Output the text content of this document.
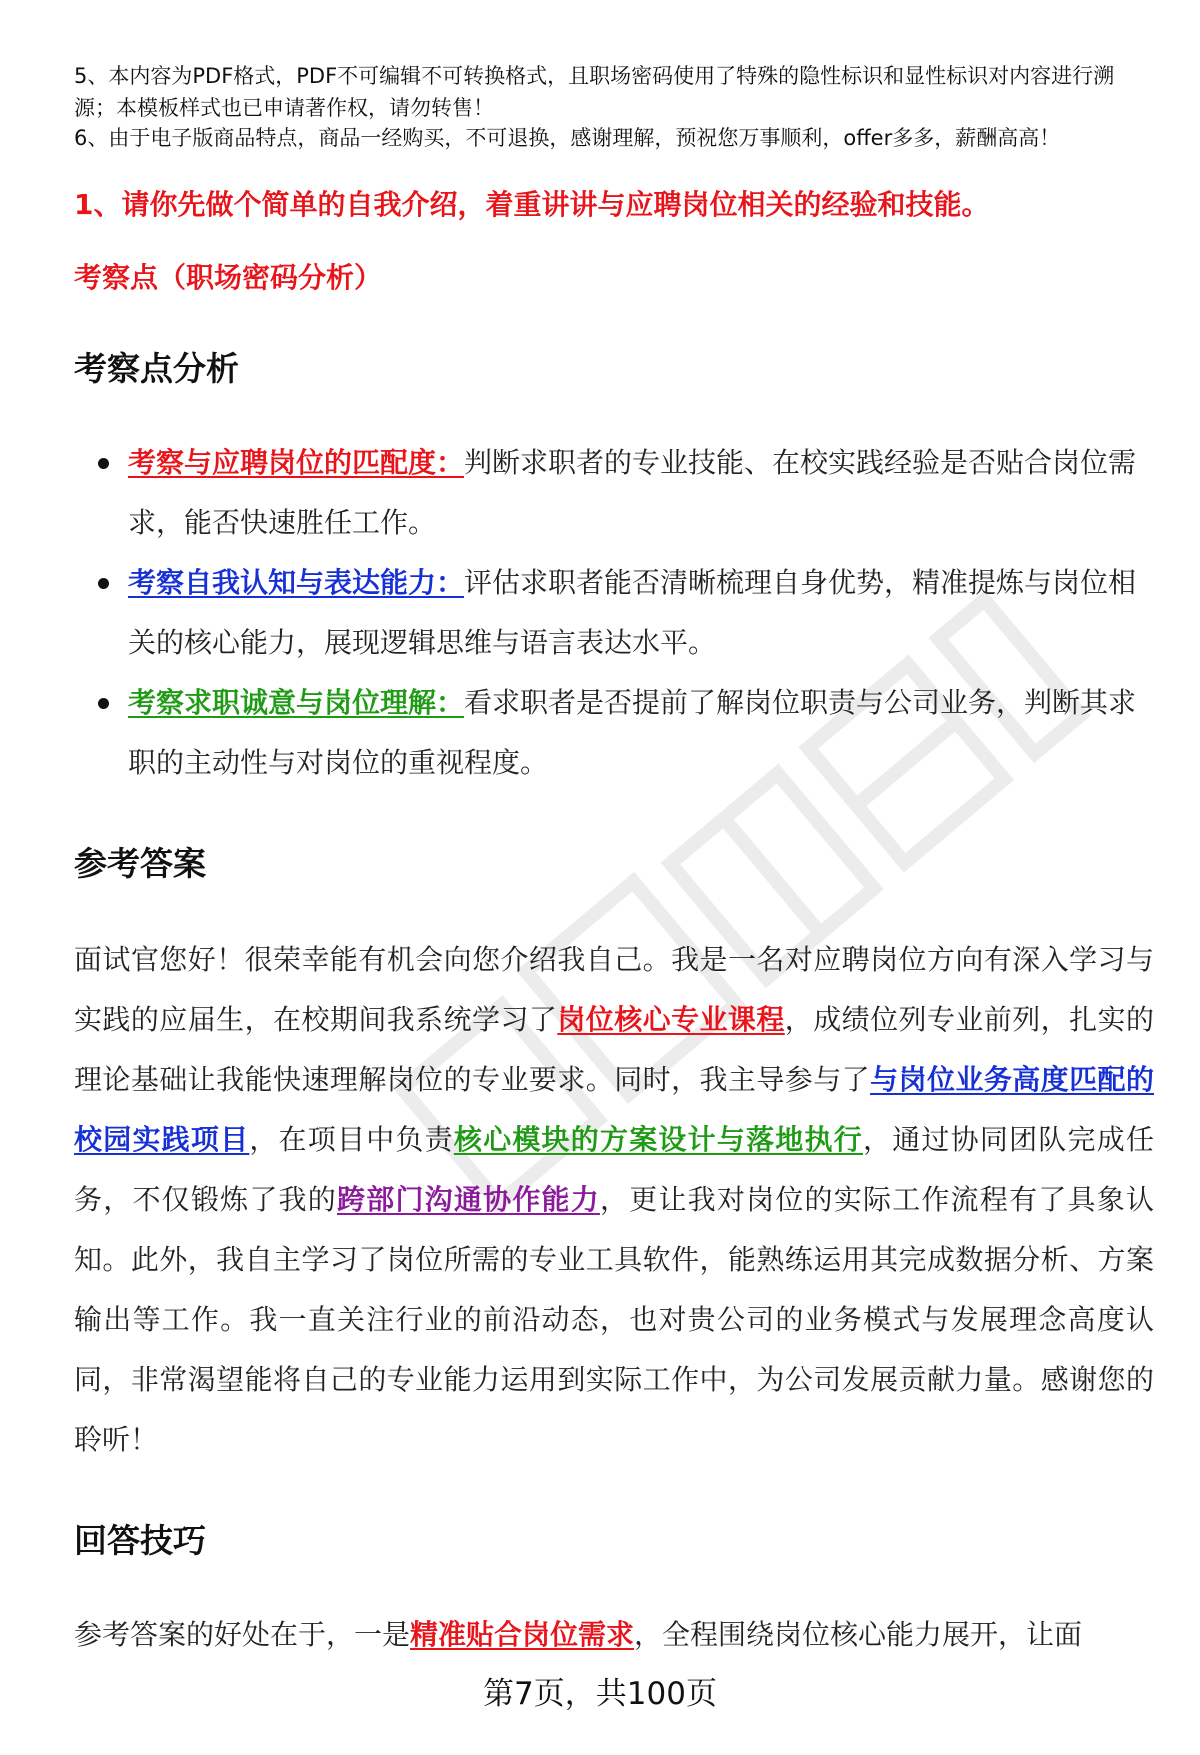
5、本内容为PDF格式，PDF不可编辑不可转换格式，且职场密码使用了特殊的隐性标识和显性标识对内容进行溯源；本模板样式也已申请著作权，请勿转售！

6、由于电子版商品特点，商品一经购买，不可退换，感谢理解，预祝您万事顺利，offer多多，薪酬高高！

1、请你先做个简单的自我介绍，着重讲讲与应聘岗位相关的经验和技能。

考察点（职场密码分析）

考察点分析
考察与应聘岗位的匹配度：判断求职者的专业技能、在校实践经验是否贴合岗位需求，能否快速胜任工作。
考察自我认知与表达能力：评估求职者能否清晰梳理自身优势，精准提炼与岗位相关的核心能力，展现逻辑思维与语言表达水平。
考察求职诚意与岗位理解：看求职者是否提前了解岗位职责与公司业务，判断其求职的主动性与对岗位的重视程度。
参考答案

面试官您好！很荣幸能有机会向您介绍我自己。我是一名对应聘岗位方向有深入学习与实践的应届生，在校期间我系统学习了岗位核心专业课程，成绩位列专业前列，扎实的理论基础让我能快速理解岗位的专业要求。同时，我主导参与了与岗位业务高度匹配的校园实践项目，在项目中负责核心模块的方案设计与落地执行，通过协同团队完成任务，不仅锻炼了我的跨部门沟通协作能力，更让我对岗位的实际工作流程有了具象认知。此外，我自主学习了岗位所需的专业工具软件，能熟练运用其完成数据分析、方案输出等工作。我一直关注行业的前沿动态，也对贵公司的业务模式与发展理念高度认同，非常渴望能将自己的专业能力运用到实际工作中，为公司发展贡献力量。感谢您的聆听！

回答技巧

参考答案的好处在于，一是精准贴合岗位需求，全程围绕岗位核心能力展开，让面

第7页，共100页
